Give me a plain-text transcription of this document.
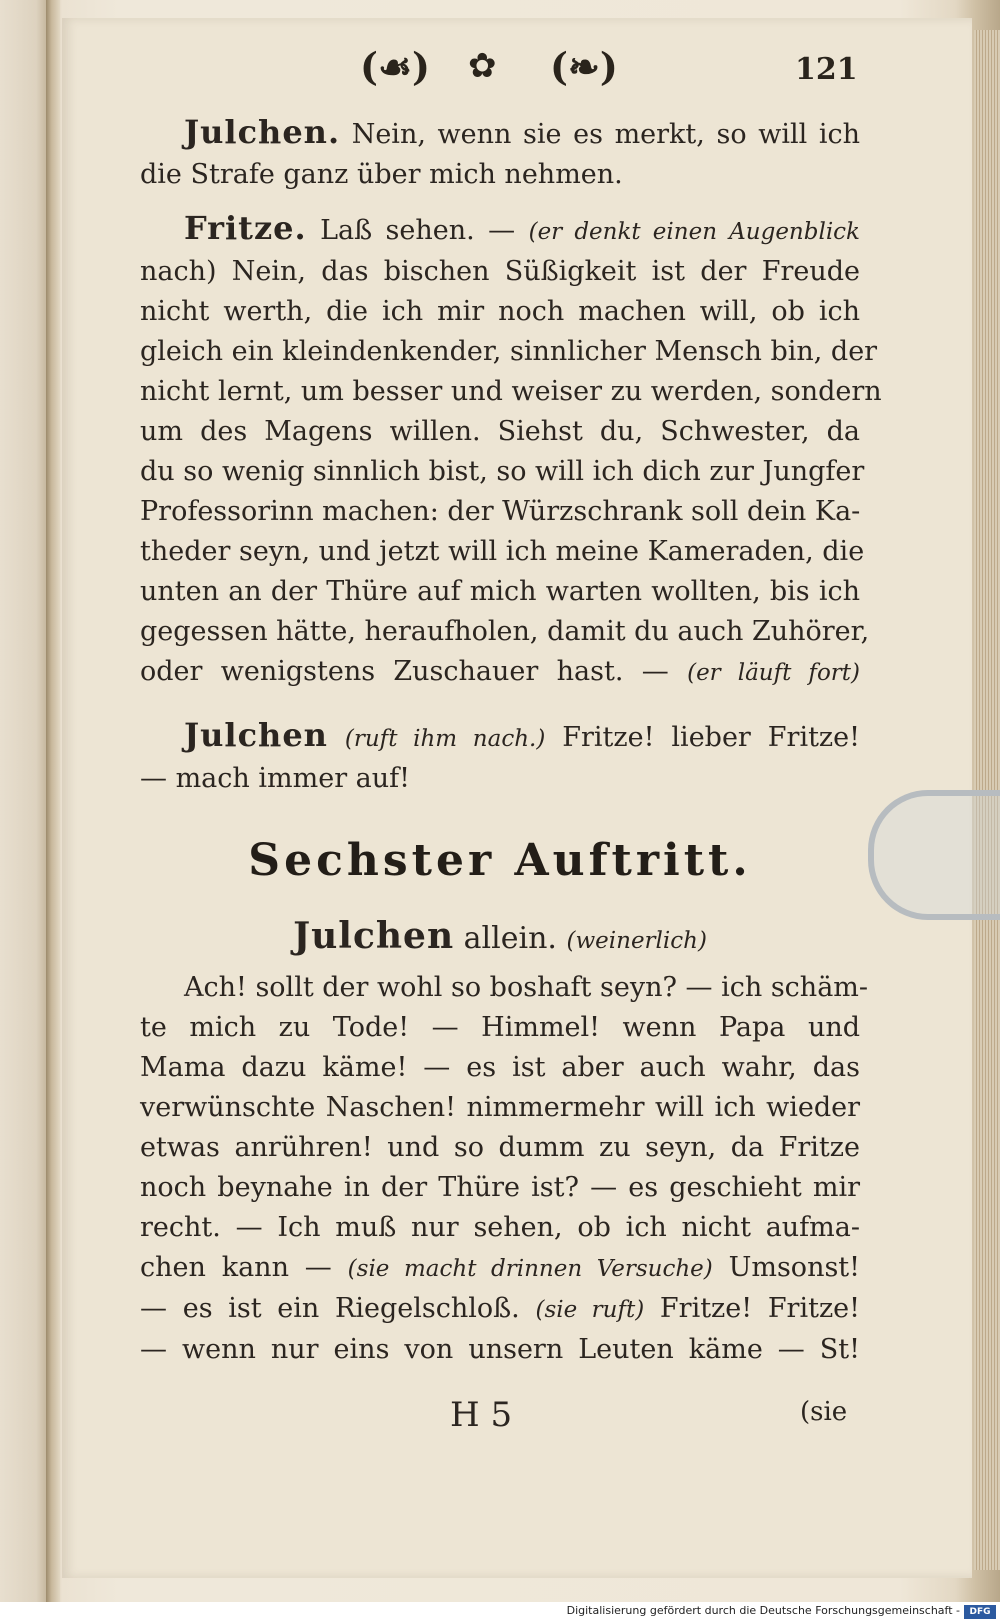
(☙) ✿ (❧)	121
Julchen. Nein, wenn sie es merkt, so will ich
die Strafe ganz über mich nehmen.
Fritze. Laß sehen. — (er denkt einen Augenblick
nach) Nein, das bischen Süßigkeit ist der Freude
nicht werth, die ich mir noch machen will, ob ich
gleich ein kleindenkender, sinnlicher Mensch bin, der
nicht lernt, um besser und weiser zu werden, sondern
um des Magens willen. Siehst du, Schwester, da
du so wenig sinnlich bist, so will ich dich zur Jungfer
Professorinn machen: der Würzschrank soll dein Ka-
theder seyn, und jetzt will ich meine Kameraden, die
unten an der Thüre auf mich warten wollten, bis ich
gegessen hätte, heraufholen, damit du auch Zuhörer,
oder wenigstens Zuschauer hast. — (er läuft fort)
Julchen (ruft ihm nach.) Fritze! lieber Fritze!
— mach immer auf!
Sechster Auftritt.
Julchen allein. (weinerlich)
Ach! sollt der wohl so boshaft seyn? — ich schäm-
te mich zu Tode! — Himmel! wenn Papa und
Mama dazu käme! — es ist aber auch wahr, das
verwünschte Naschen! nimmermehr will ich wieder
etwas anrühren! und so dumm zu seyn, da Fritze
noch beynahe in der Thüre ist? — es geschieht mir
recht. — Ich muß nur sehen, ob ich nicht aufma-
chen kann — (sie macht drinnen Versuche) Umsonst!
— es ist ein Riegelschloß. (sie ruft) Fritze! Fritze!
— wenn nur eins von unsern Leuten käme — St!
H 5	(sie
Digitalisierung gefördert durch die Deutsche Forschungsgemeinschaft -	DFG
